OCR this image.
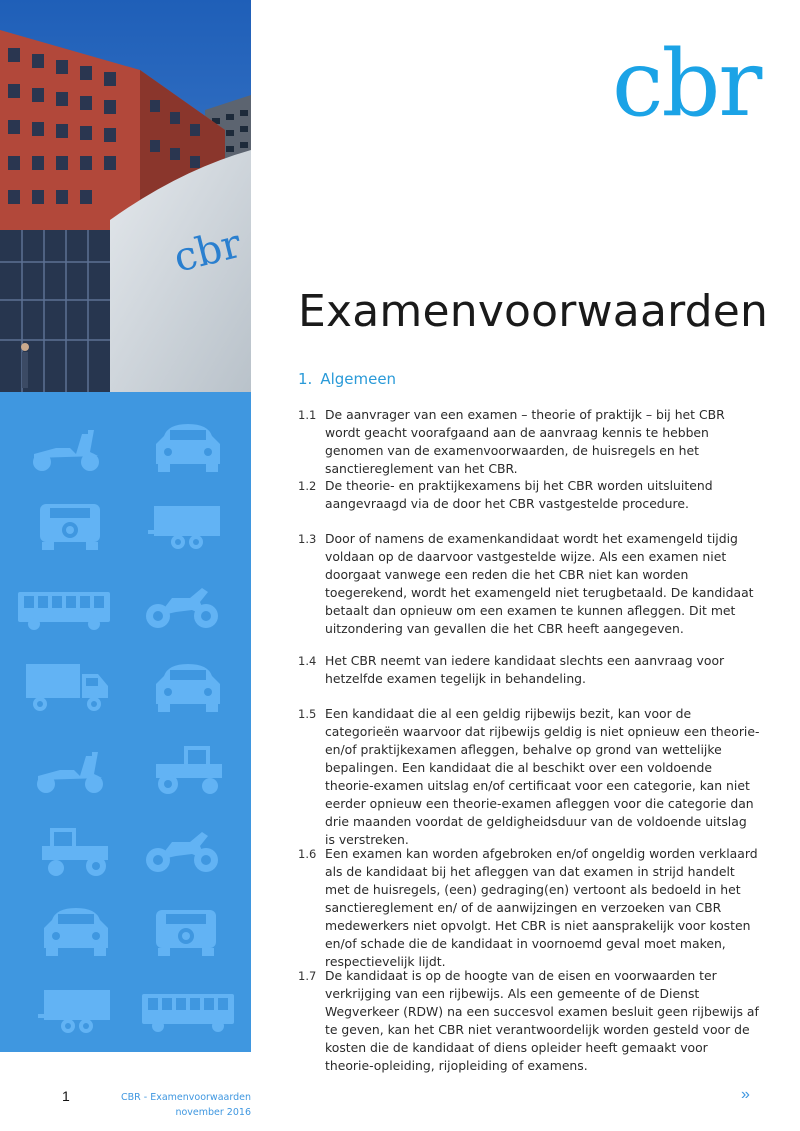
cbr
cbr
Examenvoorwaarden
1. Algemeen
1.1 De aanvrager van een examen – theorie of praktijk – bij het CBR wordt geacht voorafgaand aan de aanvraag kennis te hebben genomen van de examenvoorwaarden, de huisregels en het sanctiereglement van het CBR.
1.2 De theorie- en praktijkexamens bij het CBR worden uitsluitend aangevraagd via de door het CBR vastgestelde procedure.
1.3 Door of namens de examenkandidaat wordt het examengeld tijdig voldaan op de daarvoor vastgestelde wijze. Als een examen niet doorgaat vanwege een reden die het CBR niet kan worden toegerekend, wordt het examengeld niet terugbetaald. De kandidaat betaalt dan opnieuw om een examen te kunnen afleggen. Dit met uitzondering van gevallen die het CBR heeft aangegeven.
1.4 Het CBR neemt van iedere kandidaat slechts een aanvraag voor hetzelfde examen tegelijk in behandeling.
1.5 Een kandidaat die al een geldig rijbewijs bezit, kan voor de categorieën waarvoor dat rijbewijs geldig is niet opnieuw een theorie- en/of praktijkexamen afleggen, behalve op grond van wettelijke bepalingen. Een kandidaat die al beschikt over een voldoende theorie-examen uitslag en/of certificaat voor een categorie, kan niet eerder opnieuw een theorie-examen afleggen voor die categorie dan drie maanden voordat de geldigheidsduur van de voldoende uitslag is verstreken.
1.6 Een examen kan worden afgebroken en/of ongeldig worden verklaard als de kandidaat bij het afleggen van dat examen in strijd handelt met de huisregels, (een) gedraging(en) vertoont als bedoeld in het sanctiereglement en/ of de aanwijzingen en verzoeken van CBR medewerkers niet opvolgt. Het CBR is niet aansprakelijk voor kosten en/of schade die de kandidaat in voornoemd geval moet maken, respectievelijk lijdt.
1.7 De kandidaat is op de hoogte van de eisen en voorwaarden ter verkrijging van een rijbewijs. Als een gemeente of de Dienst Wegverkeer (RDW) na een succesvol examen besluit geen rijbewijs af te geven, kan het CBR niet verantwoordelijk worden gesteld voor de kosten die de kandidaat of diens opleider heeft gemaakt voor theorie-opleiding, rijopleiding of examens.
1	CBR - Examenvoorwaarden
november 2016
»
